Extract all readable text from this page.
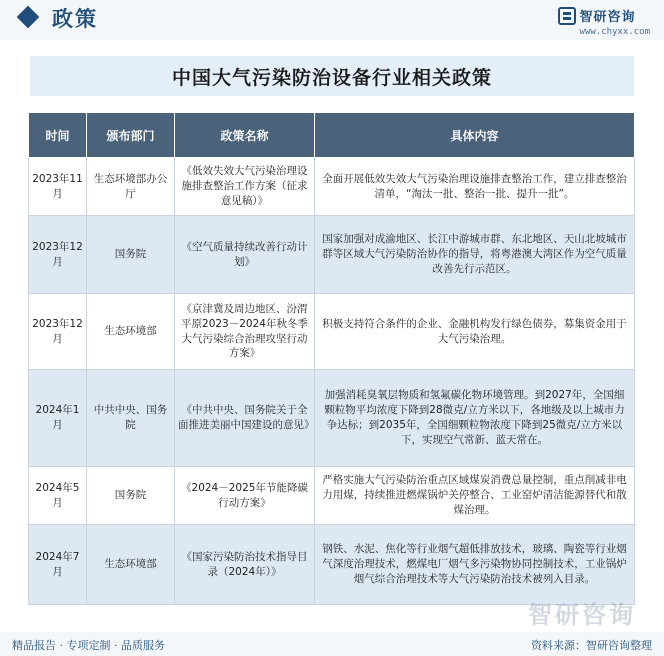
政策	智研咨询
www.chyxx.com
中国大气污染防治设备行业相关政策
时间	颁布部门	政策名称	具体内容
2023年11月	生态环境部办公厅	《低效失效大气污染治理设施排查整治工作方案（征求意见稿）》	全面开展低效失效大气污染治理设施排查整治工作，建立排查整治清单，“淘汰一批、整治一批、提升一批”。
2023年12月	国务院	《空气质量持续改善行动计划》	国家加强对成渝地区、长江中游城市群、东北地区、天山北坡城市群等区域大气污染防治协作的指导，将粤港澳大湾区作为空气质量改善先行示范区。
2023年12月	生态环境部	《京津冀及周边地区、汾渭平原2023－2024年秋冬季大气污染综合治理攻坚行动方案》	积极支持符合条件的企业、金融机构发行绿色债券，募集资金用于大气污染治理。
2024年1月	中共中央、国务院	《中共中央、国务院关于全面推进美丽中国建设的意见》	加强消耗臭氧层物质和氢氟碳化物环境管理。到2027年，全国细颗粒物平均浓度下降到28微克/立方米以下，各地级及以上城市力争达标；到2035年，全国细颗粒物浓度下降到25微克/立方米以下，实现空气常新、蓝天常在。
2024年5月	国务院	《2024－2025年节能降碳行动方案》	严格实施大气污染防治重点区域煤炭消费总量控制，重点削减非电力用煤，持续推进燃煤锅炉关停整合、工业窑炉清洁能源替代和散煤治理。
2024年7月	生态环境部	《国家污染防治技术指导目录（2024年）》	钢铁、水泥、焦化等行业烟气超低排放技术，玻璃、陶瓷等行业烟气深度治理技术，燃煤电厂烟气多污染物协同控制技术，工业锅炉烟气综合治理技术等大气污染防治技术被列入目录。
智研咨询
精品报告 · 专项定制 · 品质服务	资料来源：智研咨询整理
